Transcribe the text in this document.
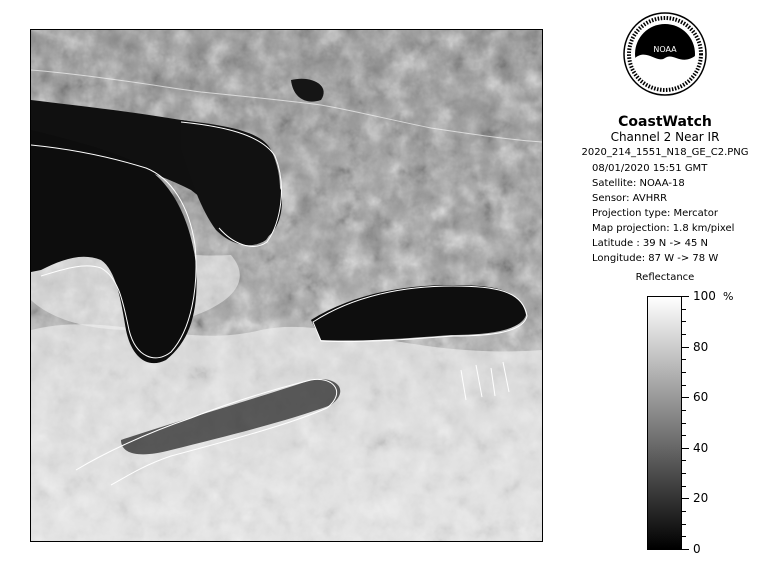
NOAA
CoastWatch
Channel 2 Near IR
2020_214_1551_N18_GE_C2.PNG
08/01/2020 15:51 GMT
Satellite: NOAA-18
Sensor: AVHRR
Projection type: Mercator
Map projection: 1.8 km/pixel
Latitude : 39 N -> 45 N
Longitude: 87 W -> 78 W
Reflectance
%
100
80
60
40
20
0
